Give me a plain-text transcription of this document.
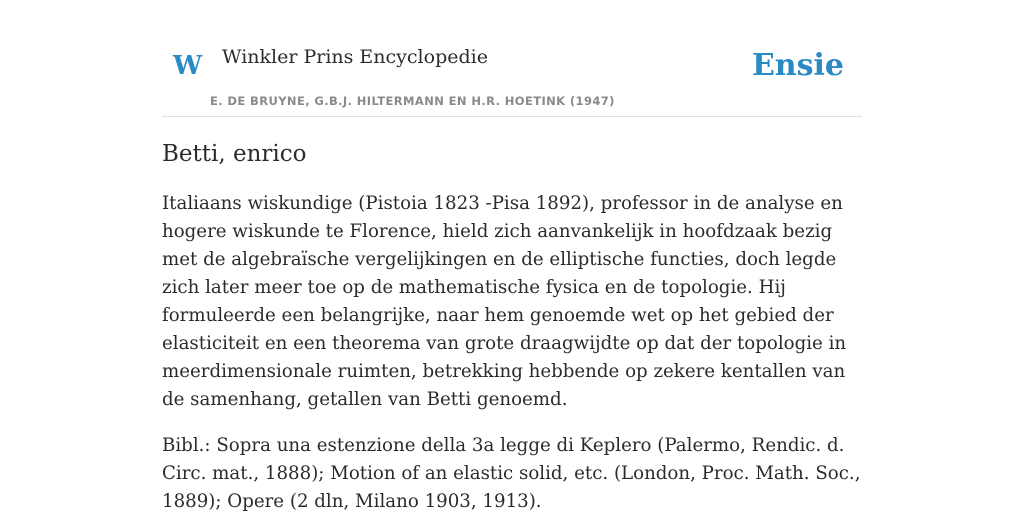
W Winkler Prins Encyclopedie
E. DE BRUYNE, G.B.J. HILTERMANN EN H.R. HOETINK (1947)
Ensie
Betti, enrico

Italiaans wiskundige (Pistoia 1823 -Pisa 1892), professor in de analyse en hogere wiskunde te Florence, hield zich aanvankelijk in hoofdzaak bezig met de algebraïsche vergelijkingen en de elliptische functies, doch legde zich later meer toe op de mathematische fysica en de topologie. Hij formuleerde een belangrijke, naar hem genoemde wet op het gebied der elasticiteit en een theorema van grote draagwijdte op dat der topologie in meerdimensionale ruimten, betrekking hebbende op zekere kentallen van de samenhang, getallen van Betti genoemd.

Bibl.: Sopra una estenzione della 3a legge di Keplero (Palermo, Rendic. d. Circ. mat., 1888); Motion of an elastic solid, etc. (London, Proc. Math. Soc., 1889); Opere (2 dln, Milano 1903, 1913).
